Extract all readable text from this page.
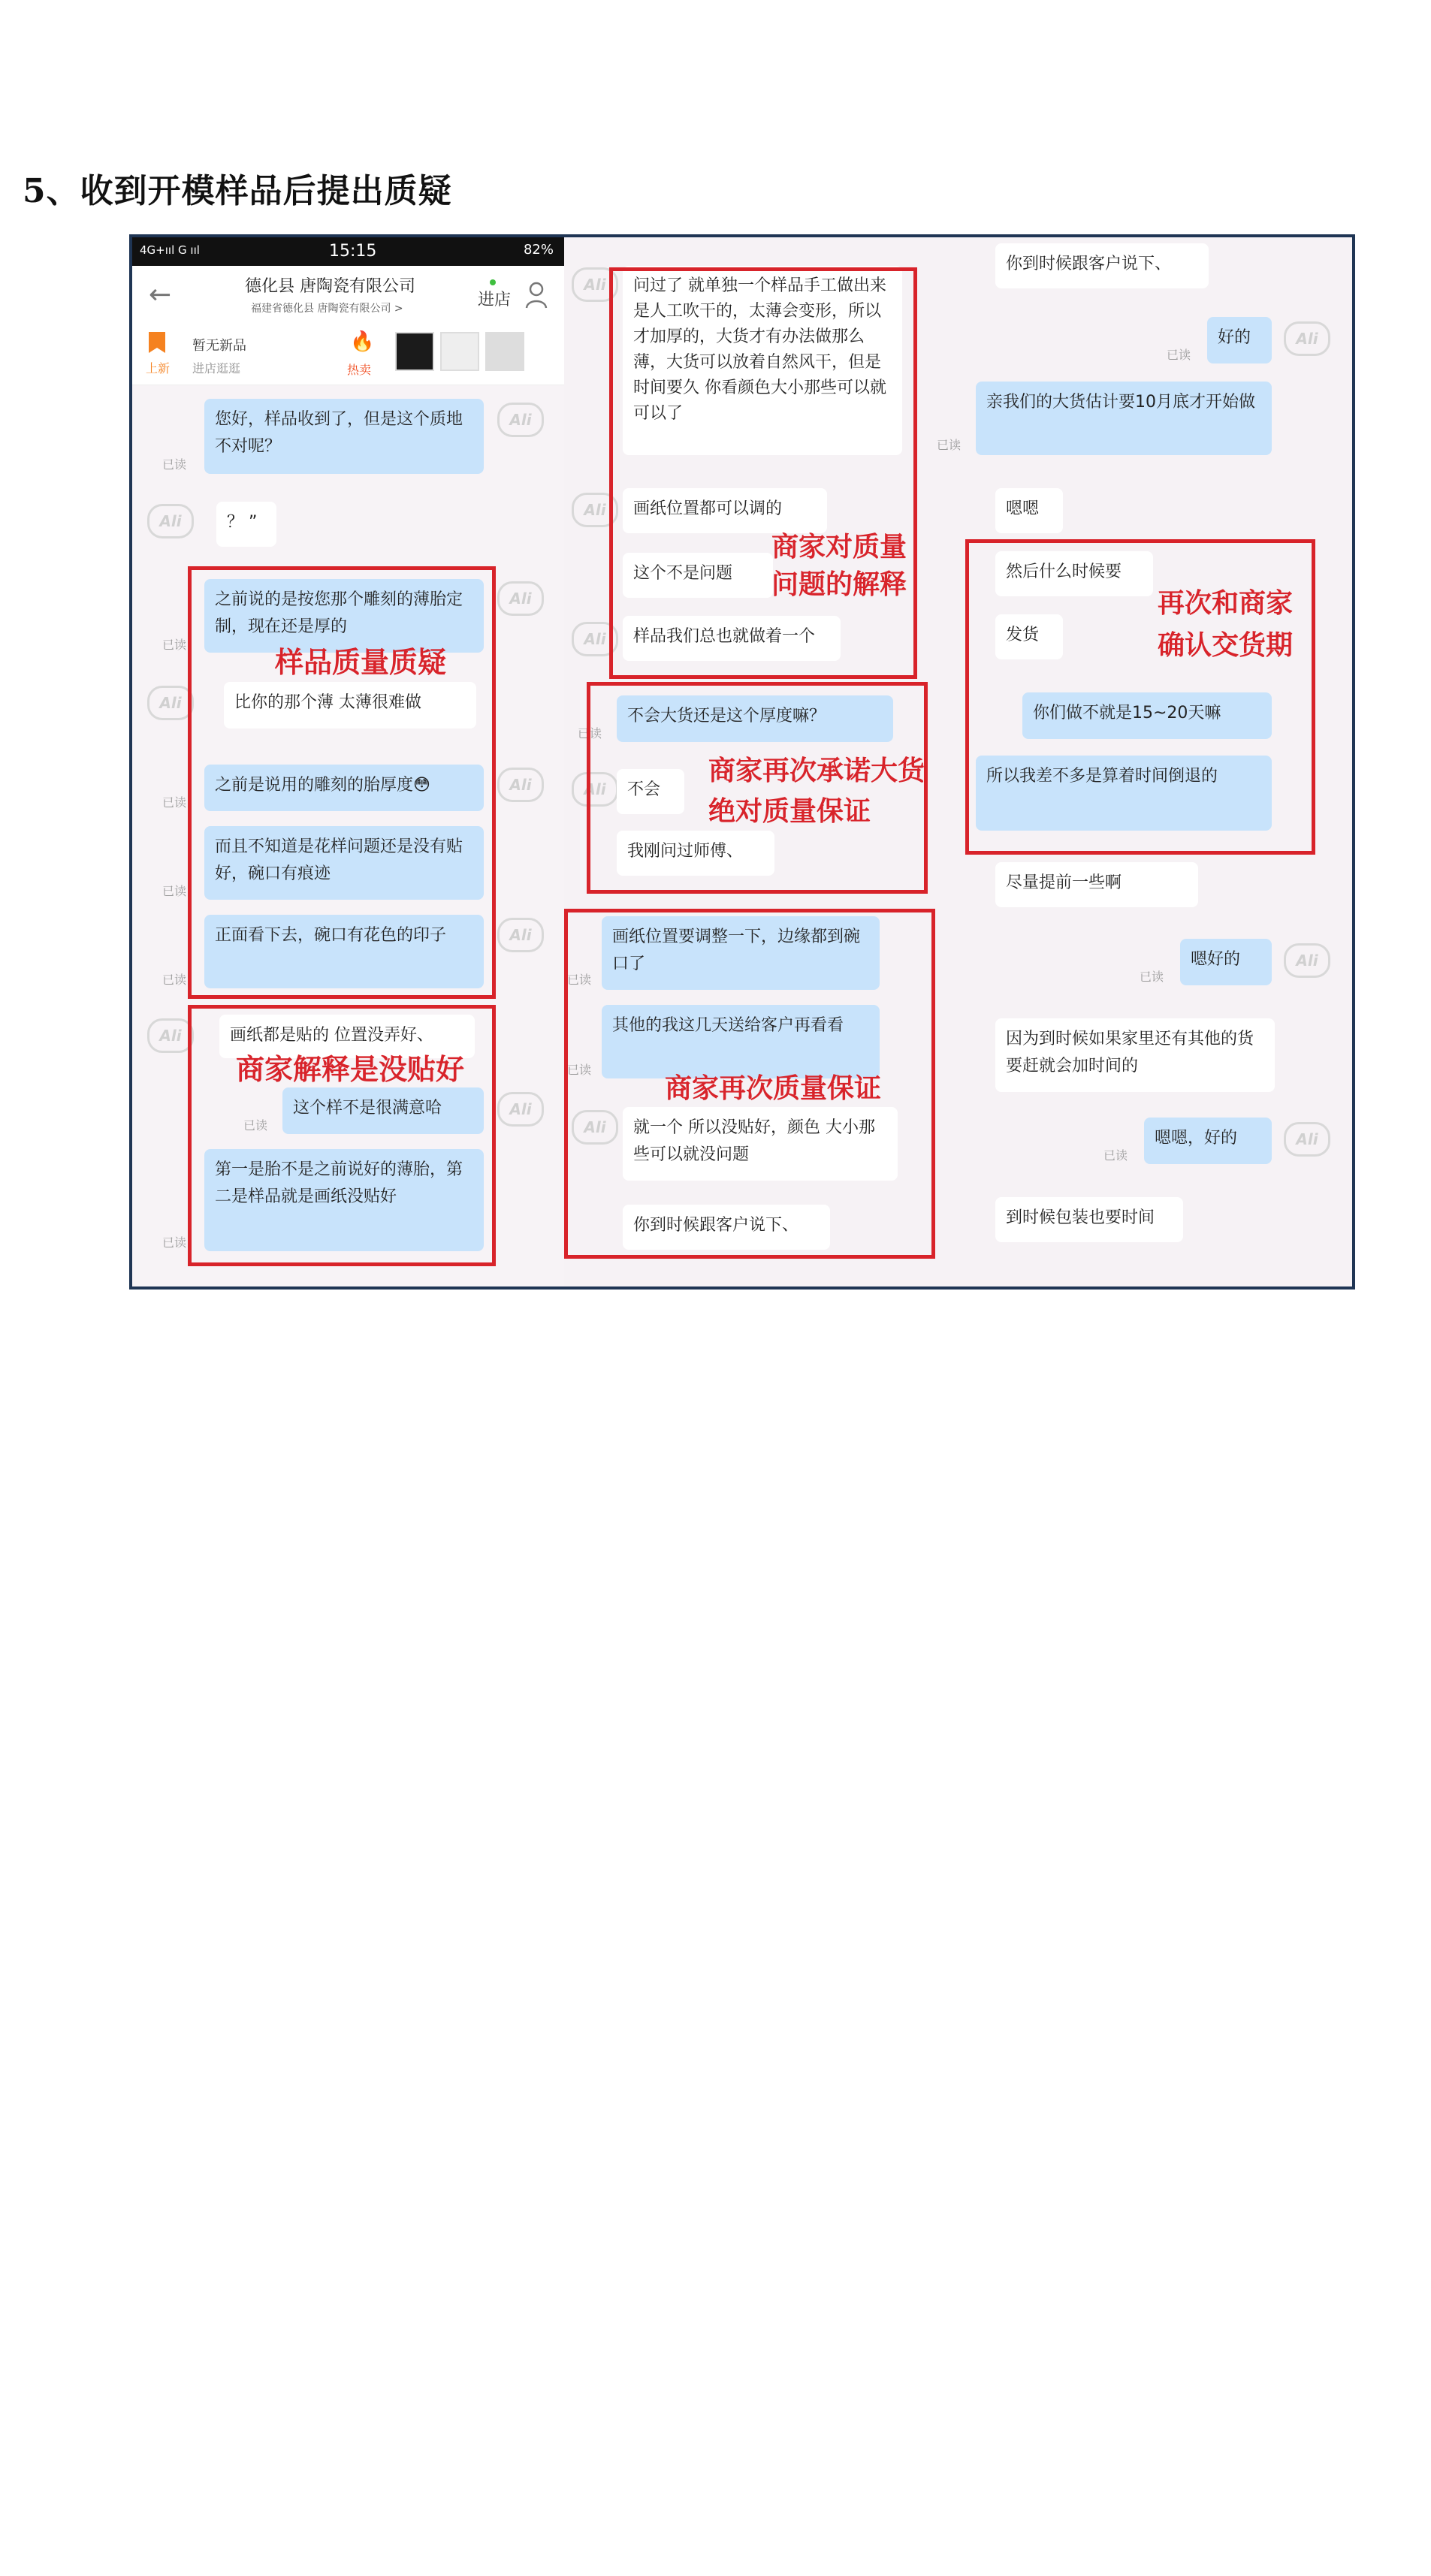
5、收到开模样品后提出质疑
4G+ııl G ııl	15:15	82%
←	德化县 唐陶瓷有限公司
福建省德化县 唐陶瓷有限公司 >	进店
上新
暂无新品
进店逛逛
🔥
热卖
您好，样品收到了，但是这个质地不对呢？
已读
Ali
Ali	？ ”
之前说的是按您那个雕刻的薄胎定制，现在还是厚的
已读
Ali
Ali	比你的那个薄 太薄很难做
之前是说用的雕刻的胎厚度😳
已读
Ali
而且不知道是花样问题还是没有贴好，碗口有痕迹
已读
正面看下去，碗口有花色的印子
已读
Ali
Ali	画纸都是贴的 位置没弄好、
这个样不是很满意哈
已读
Ali
第一是胎不是之前说好的薄胎，第二是样品就是画纸没贴好
已读
样品质量质疑
商家解释是没贴好
Ali	问过了 就单独一个样品手工做出来是人工吹干的，太薄会变形，所以才加厚的，大货才有办法做那么薄，大货可以放着自然风干，但是时间要久 你看颜色大小那些可以就可以了
Ali	画纸位置都可以调的
这个不是问题
Ali	样品我们总也就做着一个
不会大货还是这个厚度嘛？
已读
Ali	不会
我刚问过师傅、
画纸位置要调整一下，边缘都到碗口了
已读
其他的我这几天送给客户再看看
已读
Ali	就一个 所以没贴好，颜色 大小那些可以就没问题
你到时候跟客户说下、
商家对质量问题的解释
商家再次承诺大货绝对质量保证
商家再次质量保证
你到时候跟客户说下、
好的
已读
Ali
亲我们的大货估计要10月底才开始做
已读
嗯嗯
然后什么时候要
发货
你们做不就是15~20天嘛
所以我差不多是算着时间倒退的
尽量提前一些啊
嗯好的
已读
Ali
因为到时候如果家里还有其他的货要赶就会加时间的
嗯嗯，好的
已读
Ali
到时候包装也要时间
再次和商家确认交货期
